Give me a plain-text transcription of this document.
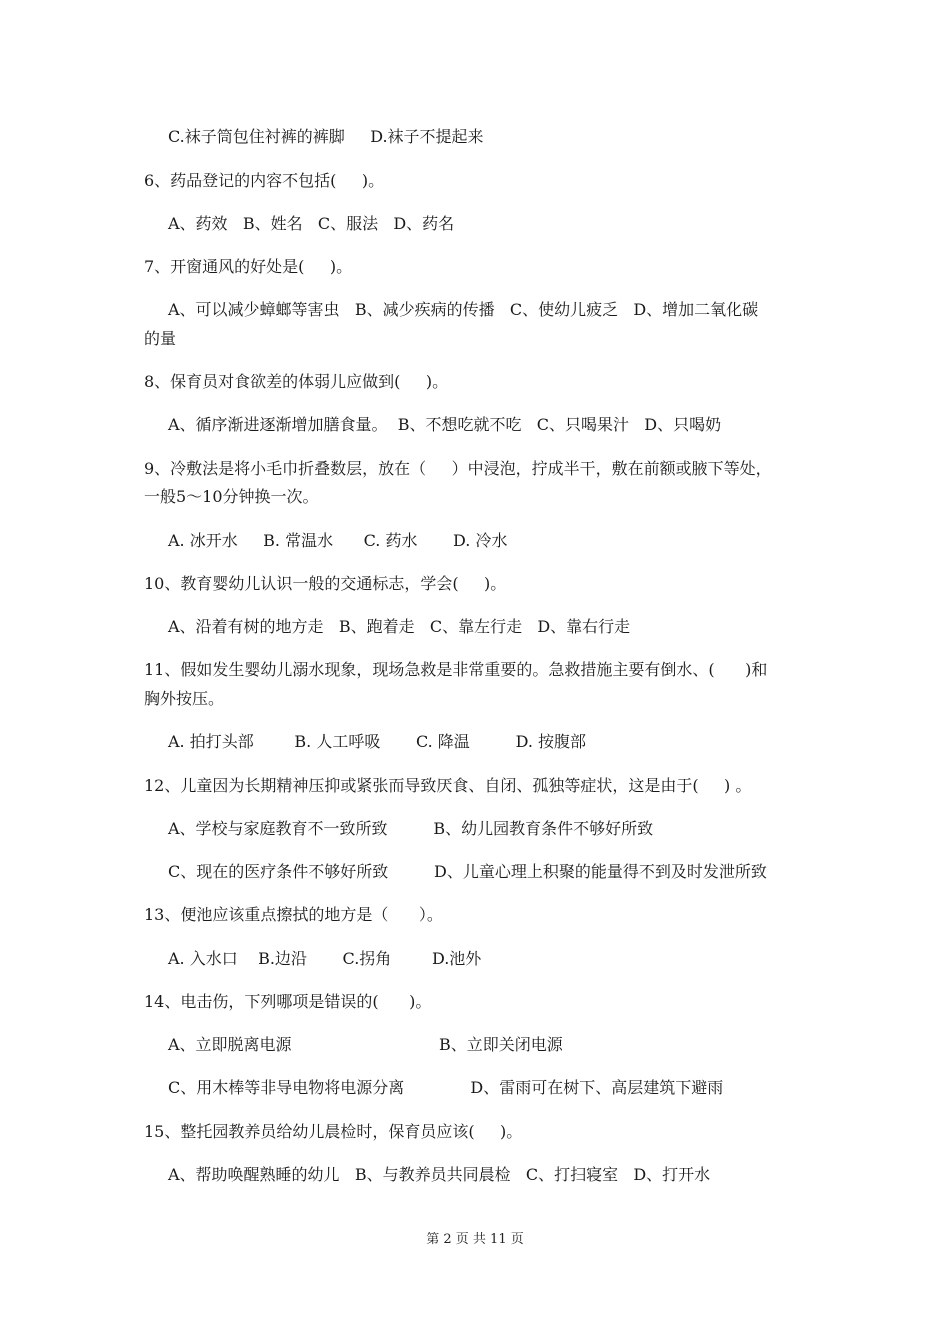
C.袜子筒包住衬裤的裤脚     D.袜子不提起来
6、药品登记的内容不包括(     )。
A、药效   B、姓名   C、服法   D、药名
7、开窗通风的好处是(     )。
A、可以减少蟑螂等害虫   B、减少疾病的传播   C、使幼儿疲乏   D、增加二氧化碳
的量
8、保育员对食欲差的体弱儿应做到(     )。
A、循序渐进逐渐增加膳食量。  B、不想吃就不吃   C、只喝果汁   D、只喝奶
9、冷敷法是将小毛巾折叠数层，放在（     ）中浸泡，拧成半干，敷在前额或腋下等处，
一般5～10分钟换一次。
A. 冰开水     B. 常温水      C. 药水       D. 冷水
10、教育婴幼儿认识一般的交通标志，学会(     )。
A、沿着有树的地方走   B、跑着走   C、靠左行走   D、靠右行走
11、假如发生婴幼儿溺水现象，现场急救是非常重要的。急救措施主要有倒水、(      )和
胸外按压。
A. 拍打头部        B. 人工呼吸       C. 降温         D. 按腹部
12、儿童因为长期精神压抑或紧张而导致厌食、自闭、孤独等症状，这是由于(     ) 。
A、学校与家庭教育不一致所致         B、幼儿园教育条件不够好所致
C、现在的医疗条件不够好所致         D、儿童心理上积聚的能量得不到及时发泄所致
13、便池应该重点擦拭的地方是（      ）。
A. 入水口    B.边沿       C.拐角        D.池外
14、电击伤，下列哪项是错误的(      )。
A、立即脱离电源                             B、立即关闭电源
C、用木棒等非导电物将电源分离             D、雷雨可在树下、高层建筑下避雨
15、整托园教养员给幼儿晨检时，保育员应该(     )。
A、帮助唤醒熟睡的幼儿   B、与教养员共同晨检   C、打扫寝室   D、打开水
第 2 页 共 11 页
